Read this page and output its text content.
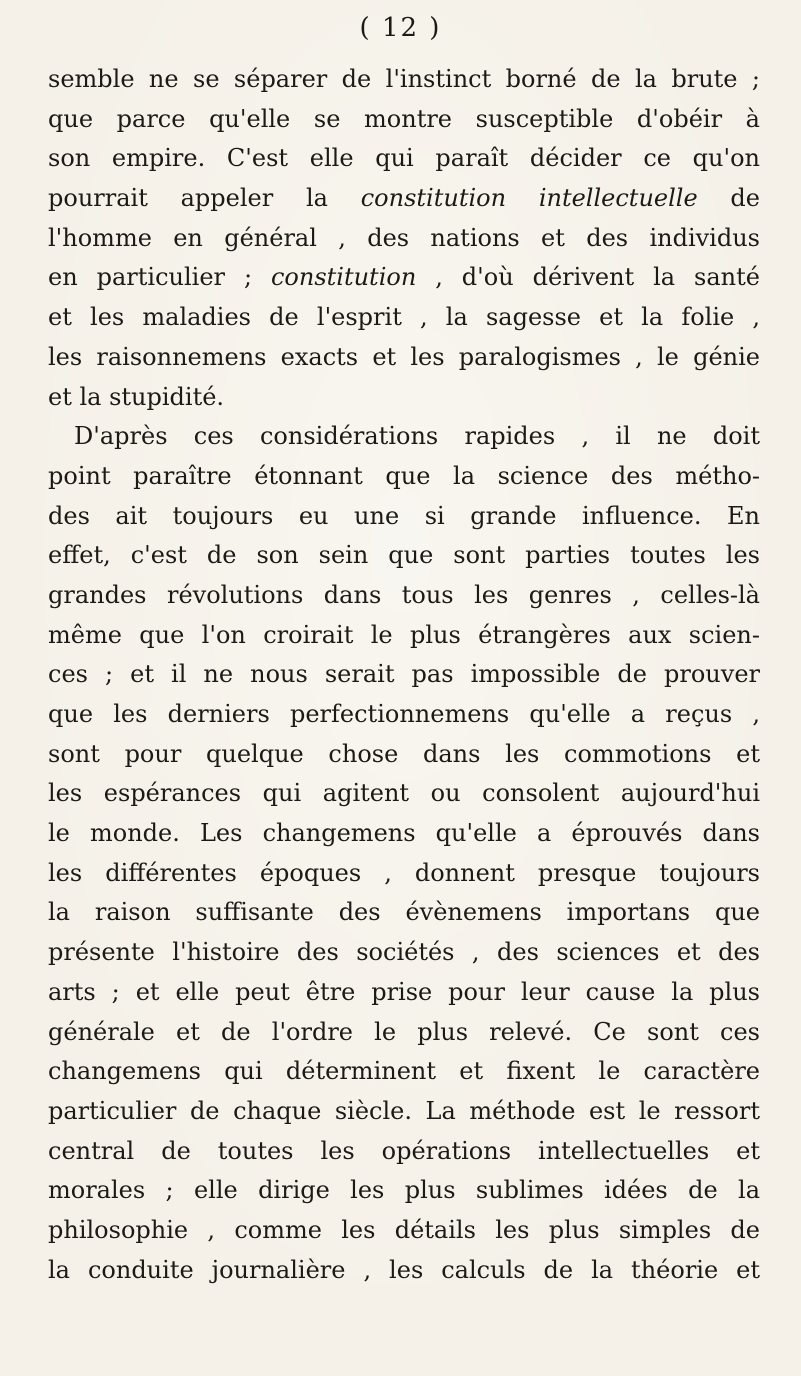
( 12 )
semble ne se séparer de l'instinct borné de la brute ;
que parce qu'elle se montre susceptible d'obéir à
son empire. C'est elle qui paraît décider ce qu'on
pourrait appeler la constitution intellectuelle de
l'homme en général , des nations et des individus
en particulier ; constitution , d'où dérivent la santé
et les maladies de l'esprit , la sagesse et la folie ,
les raisonnemens exacts et les paralogismes , le génie
et la stupidité.
D'après ces considérations rapides , il ne doit
point paraître étonnant que la science des métho-
des ait toujours eu une si grande influence. En
effet, c'est de son sein que sont parties toutes les
grandes révolutions dans tous les genres , celles-là
même que l'on croirait le plus étrangères aux scien-
ces ; et il ne nous serait pas impossible de prouver
que les derniers perfectionnemens qu'elle a reçus ,
sont pour quelque chose dans les commotions et
les espérances qui agitent ou consolent aujourd'hui
le monde. Les changemens qu'elle a éprouvés dans
les différentes époques , donnent presque toujours
la raison suffisante des évènemens importans que
présente l'histoire des sociétés , des sciences et des
arts ; et elle peut être prise pour leur cause la plus
générale et de l'ordre le plus relevé. Ce sont ces
changemens qui déterminent et fixent le caractère
particulier de chaque siècle. La méthode est le ressort
central de toutes les opérations intellectuelles et
morales ; elle dirige les plus sublimes idées de la
philosophie , comme les détails les plus simples de
la conduite journalière , les calculs de la théorie et
